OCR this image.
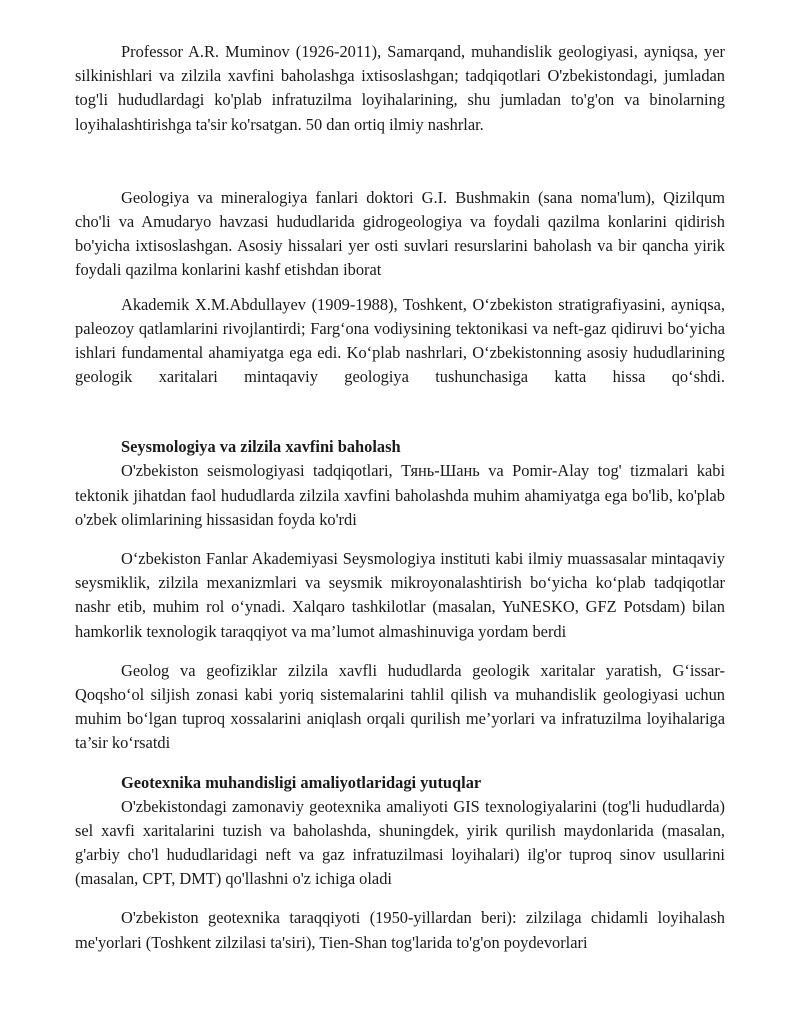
Professor A.R. Muminov (1926-2011), Samarqand, muhandislik geologiyasi, ayniqsa, yer silkinishlari va zilzila xavfini baholashga ixtisoslashgan; tadqiqotlari O'zbekistondagi, jumladan tog'li hududlardagi ko'plab infratuzilma loyihalarining, shu jumladan to'g'on va binolarning loyihalashtirishga ta'sir ko'rsatgan. 50 dan ortiq ilmiy nashrlar.

Geologiya va mineralogiya fanlari doktori G.I. Bushmakin (sana noma'lum), Qizilqum cho'li va Amudaryo havzasi hududlarida gidrogeologiya va foydali qazilma konlarini qidirish bo'yicha ixtisoslashgan. Asosiy hissalari yer osti suvlari resurslarini baholash va bir qancha yirik foydali qazilma konlarini kashf etishdan iborat

Akademik X.M.Abdullayev (1909-1988), Toshkent, O‘zbekiston stratigrafiyasini, ayniqsa, paleozoy qatlamlarini rivojlantirdi; Farg‘ona vodiysining tektonikasi va neft-gaz qidiruvi bo‘yicha ishlari fundamental ahamiyatga ega edi. Ko‘plab nashrlari, O‘zbekistonning asosiy hududlarining geologik xaritalari mintaqaviy geologiya tushunchasiga katta hissa qo‘shdi.

Seysmologiya va zilzila xavfini baholash

O'zbekiston seismologiyasi tadqiqotlari, Тянь-Шань va Pomir-Alay tog' tizmalari kabi tektonik jihatdan faol hududlarda zilzila xavfini baholashda muhim ahamiyatga ega bo'lib, ko'plab o'zbek olimlarining hissasidan foyda ko'rdi

O‘zbekiston Fanlar Akademiyasi Seysmologiya instituti kabi ilmiy muassasalar mintaqaviy seysmiklik, zilzila mexanizmlari va seysmik mikroyonalashtirish bo‘yicha ko‘plab tadqiqotlar nashr etib, muhim rol o‘ynadi. Xalqaro tashkilotlar (masalan, YuNESKO, GFZ Potsdam) bilan hamkorlik texnologik taraqqiyot va ma’lumot almashinuviga yordam berdi

Geolog va geofiziklar zilzila xavfli hududlarda geologik xaritalar yaratish, G‘issar-Qoqsho‘ol siljish zonasi kabi yoriq sistemalarini tahlil qilish va muhandislik geologiyasi uchun muhim bo‘lgan tuproq xossalarini aniqlash orqali qurilish me’yorlari va infratuzilma loyihalariga ta’sir ko‘rsatdi

Geotexnika muhandisligi amaliyotlaridagi yutuqlar

O'zbekistondagi zamonaviy geotexnika amaliyoti GIS texnologiyalarini (tog'li hududlarda) sel xavfi xaritalarini tuzish va baholashda, shuningdek, yirik qurilish maydonlarida (masalan, g'arbiy cho'l hududlaridagi neft va gaz infratuzilmasi loyihalari) ilg'or tuproq sinov usullarini (masalan, CPT, DMT) qo'llashni o'z ichiga oladi

O'zbekiston geotexnika taraqqiyoti (1950-yillardan beri): zilzilaga chidamli loyihalash me'yorlari (Toshkent zilzilasi ta'siri), Tien-Shan tog'larida to'g'on poydevorlari
